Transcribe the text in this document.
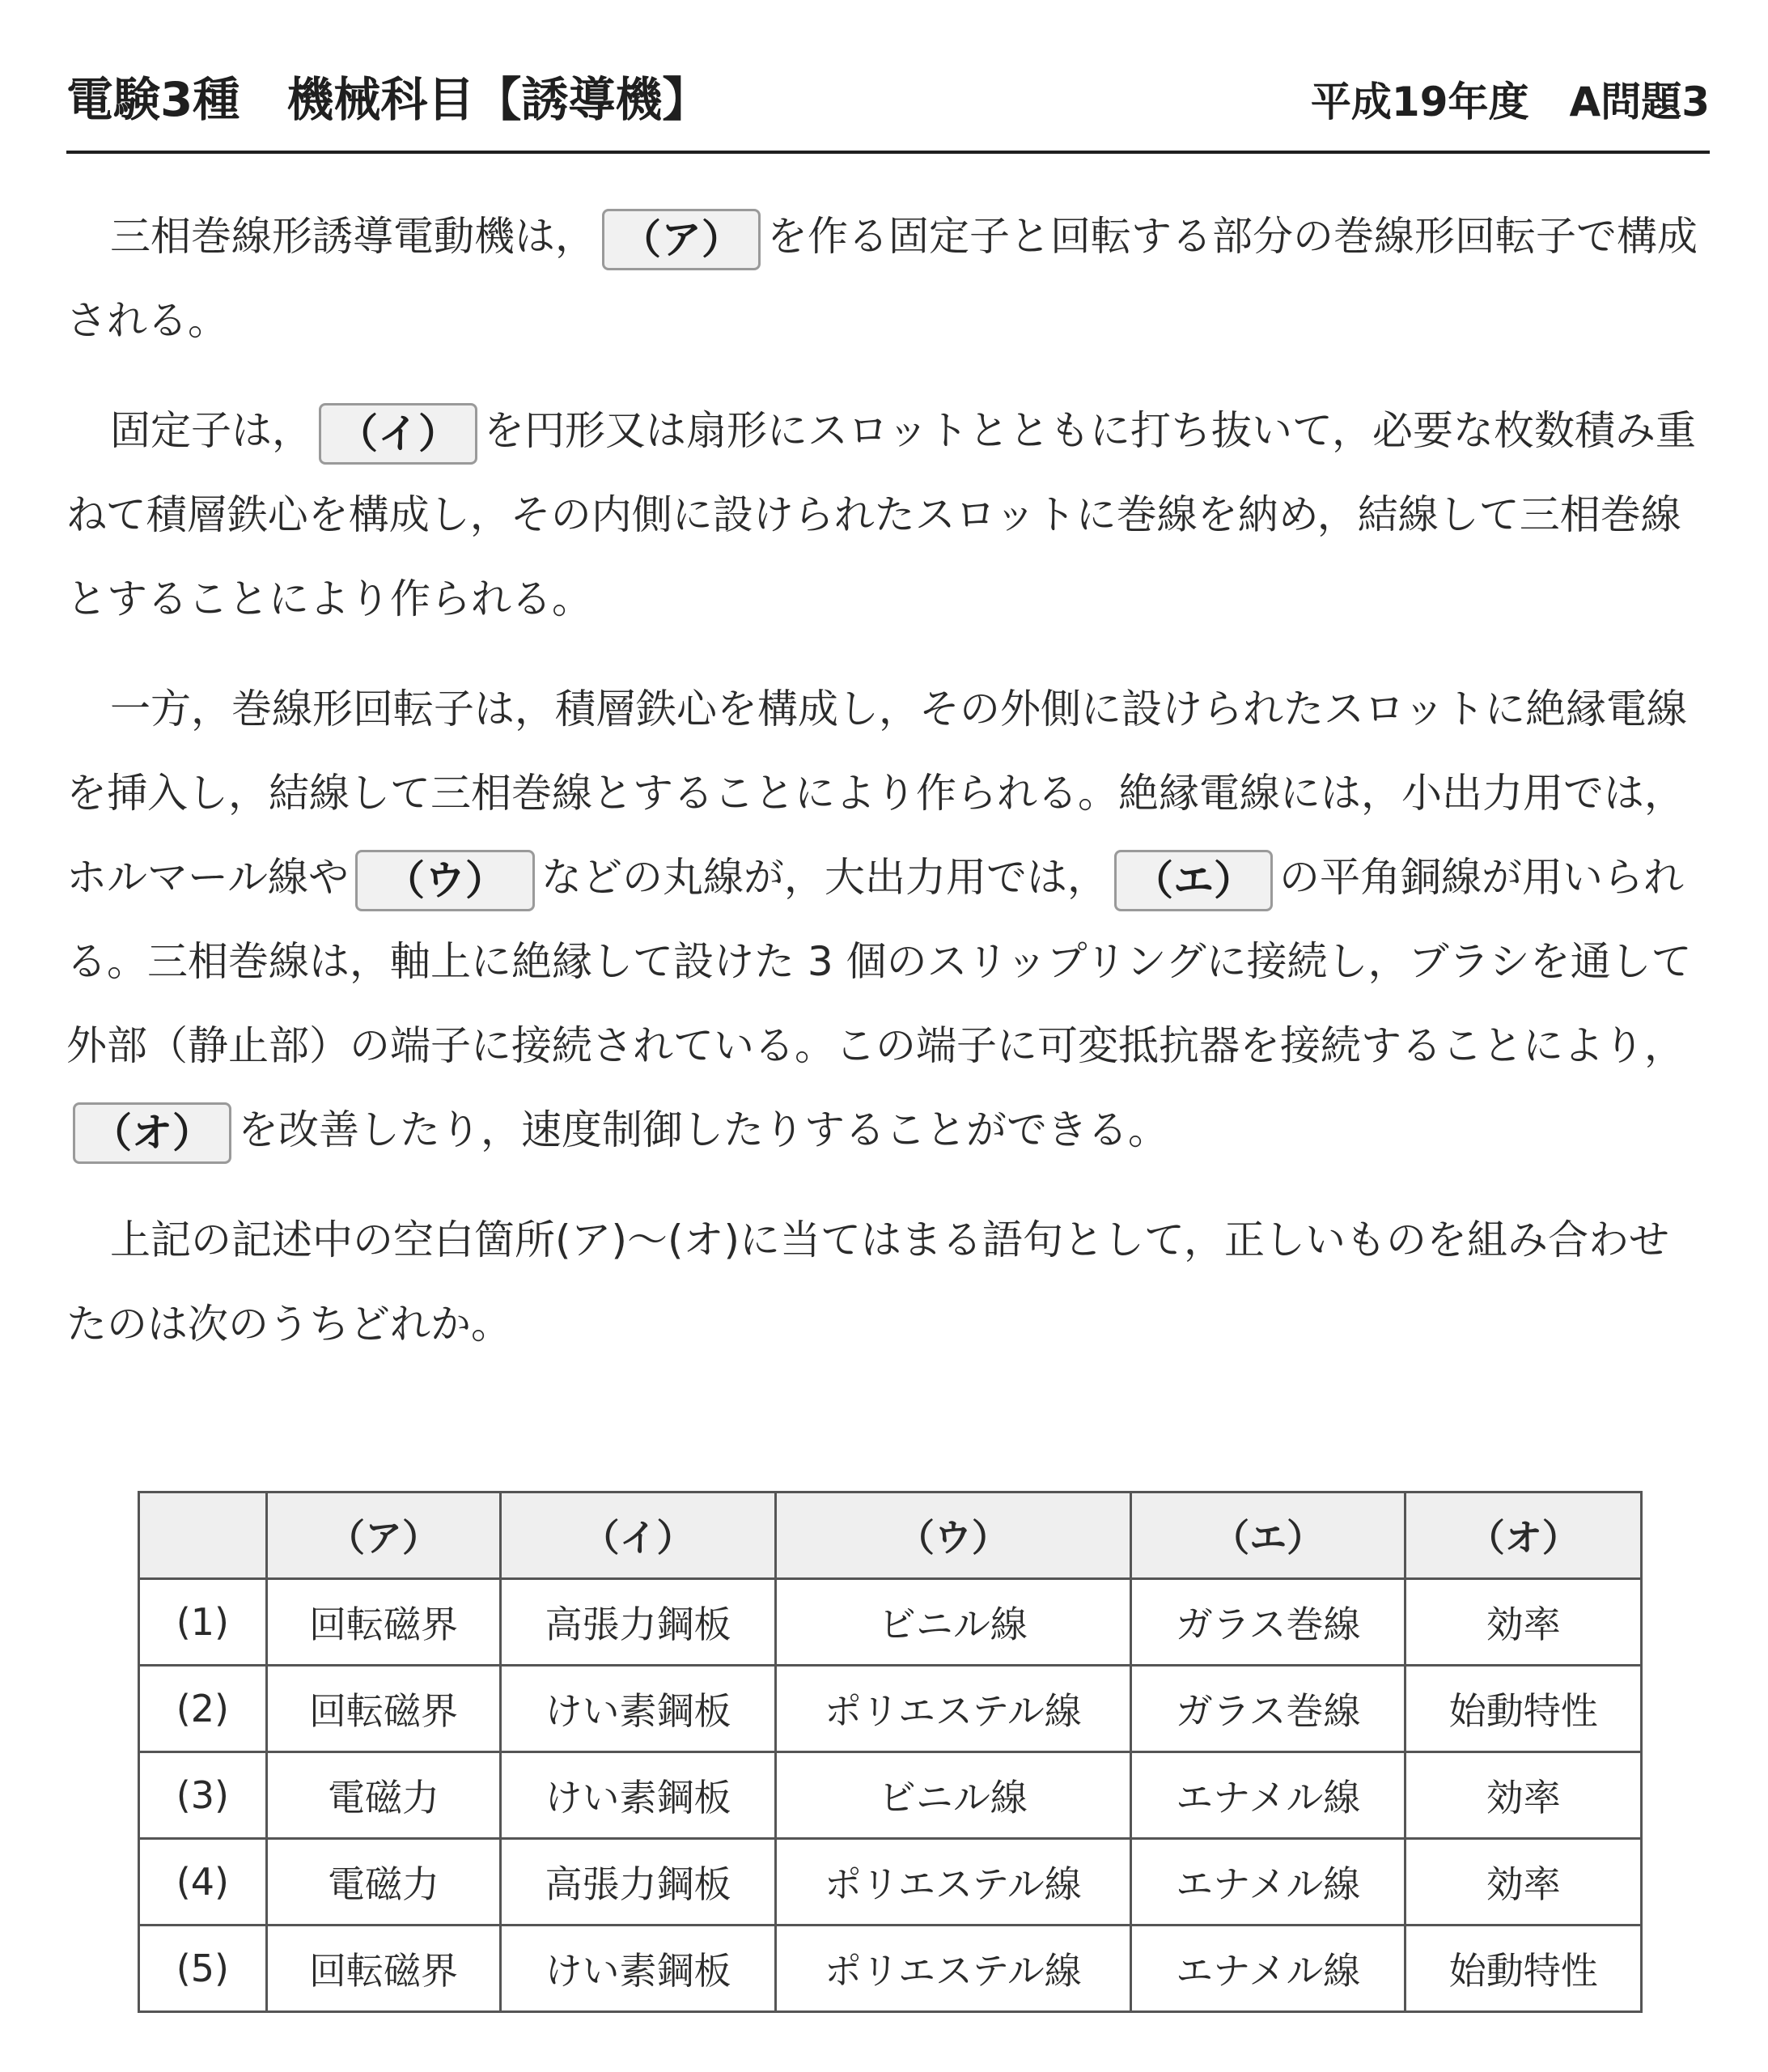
電験3種　機械科目【誘導機】	平成19年度　A問題3

三相巻線形誘導電動機は， （ア） を作る固定子と回転する部分の巻線形回転子で構成される。

固定子は， （イ） を円形又は扇形にスロットとともに打ち抜いて，必要な枚数積み重ねて積層鉄心を構成し，その内側に設けられたスロットに巻線を納め，結線して三相巻線とすることにより作られる。

一方，巻線形回転子は，積層鉄心を構成し，その外側に設けられたスロットに絶縁電線を挿入し，結線して三相巻線とすることにより作られる。絶縁電線には，小出力用では，ホルマール線や （ウ） などの丸線が，大出力用では， （エ） の平角銅線が用いられる。三相巻線は，軸上に絶縁して設けた 3 個のスリップリングに接続し，ブラシを通して外部（静止部）の端子に接続されている。この端子に可変抵抗器を接続することにより，（オ） を改善したり，速度制御したりすることができる。

上記の記述中の空白箇所(ア)～(オ)に当てはまる語句として，正しいものを組み合わせたのは次のうちどれか。

	（ア）	（イ）	（ウ）	（エ）	（オ）
(1)	回転磁界	高張力鋼板	ビニル線	ガラス巻線	効率
(2)	回転磁界	けい素鋼板	ポリエステル線	ガラス巻線	始動特性
(3)	電磁力	けい素鋼板	ビニル線	エナメル線	効率
(4)	電磁力	高張力鋼板	ポリエステル線	エナメル線	効率
(5)	回転磁界	けい素鋼板	ポリエステル線	エナメル線	始動特性
